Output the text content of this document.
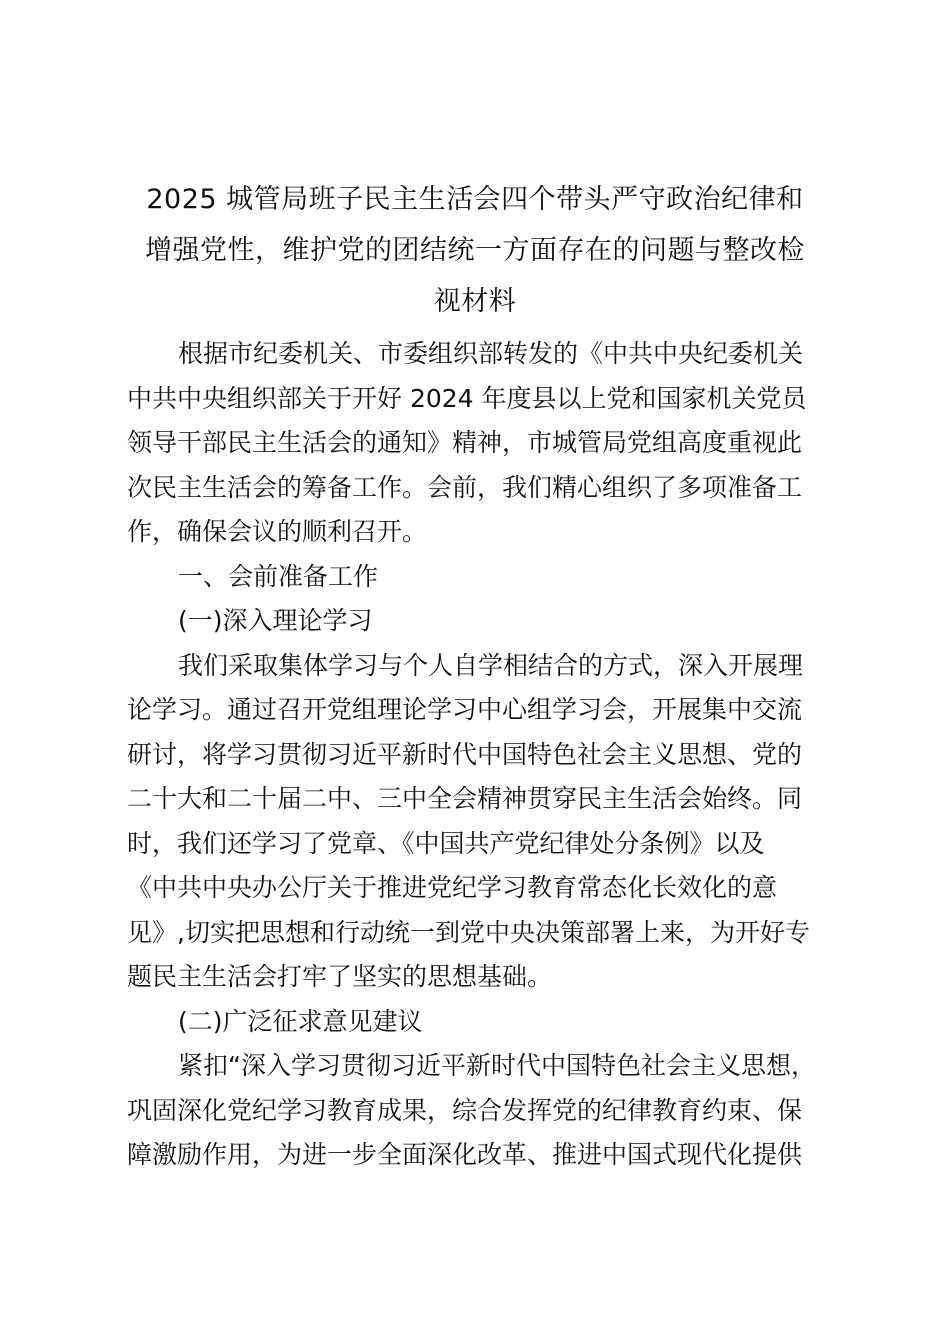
2025 城管局班子民主生活会四个带头严守政治纪律和
增强党性，维护党的团结统一方面存在的问题与整改检
视材料
根据市纪委机关、市委组织部转发的《中共中央纪委机关
中共中央组织部关于开好 2024 年度县以上党和国家机关党员
领导干部民主生活会的通知》精神，市城管局党组高度重视此
次民主生活会的筹备工作。会前，我们精心组织了多项准备工
作，确保会议的顺利召开。
一、会前准备工作
(一)深入理论学习
我们采取集体学习与个人自学相结合的方式，深入开展理
论学习。通过召开党组理论学习中心组学习会，开展集中交流
研讨，将学习贯彻习近平新时代中国特色社会主义思想、党的
二十大和二十届二中、三中全会精神贯穿民主生活会始终。同
时，我们还学习了党章、《中国共产党纪律处分条例》以及
《中共中央办公厅关于推进党纪学习教育常态化长效化的意
见》,切实把思想和行动统一到党中央决策部署上来，为开好专
题民主生活会打牢了坚实的思想基础。
(二)广泛征求意见建议
紧扣“深入学习贯彻习近平新时代中国特色社会主义思想，
巩固深化党纪学习教育成果，综合发挥党的纪律教育约束、保
障激励作用，为进一步全面深化改革、推进中国式现代化提供
